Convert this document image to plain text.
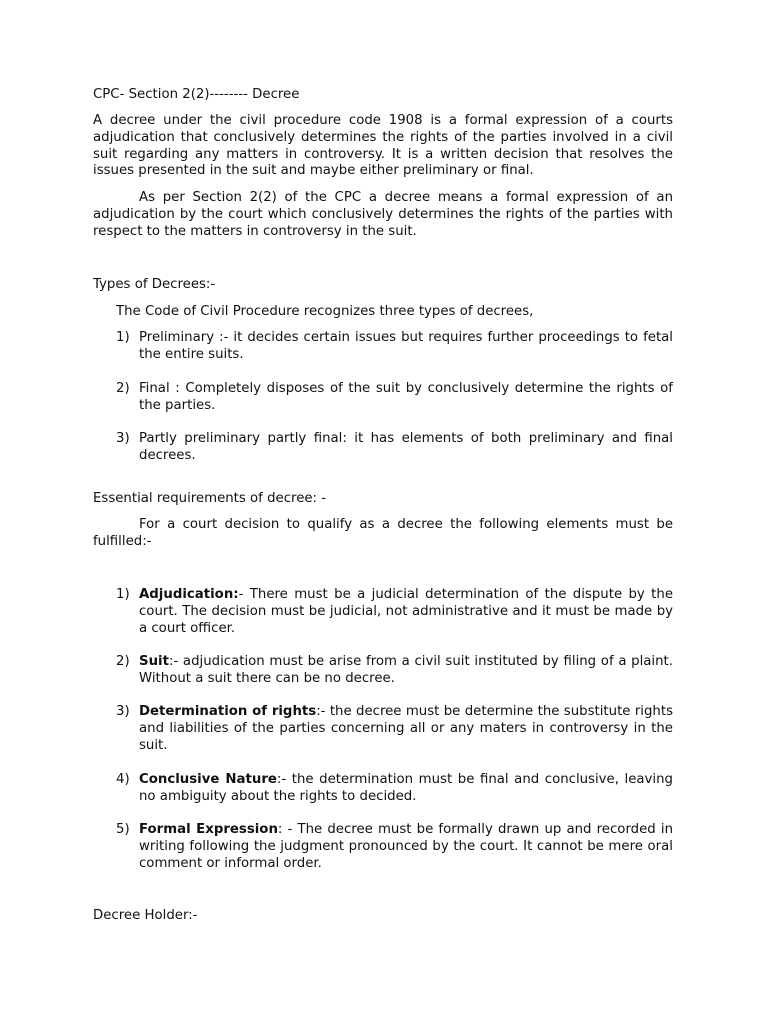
CPC- Section 2(2)-------- Decree

A decree under the civil procedure code 1908 is a formal expression of a courts adjudication that conclusively determines the rights of the parties involved in a civil suit regarding any matters in controversy. It is a written decision that resolves the issues presented in the suit and maybe either preliminary or final.

As per Section 2(2) of the CPC a decree means a formal expression of an adjudication by the court which conclusively determines the rights of the parties with respect to the matters in controversy in the suit.

Types of Decrees:-

The Code of Civil Procedure recognizes three types of decrees,

1) Preliminary :- it decides certain issues but requires further proceedings to fetal the entire suits.
2) Final : Completely disposes of the suit by conclusively determine the rights of the parties.
3) Partly preliminary partly final: it has elements of both preliminary and final decrees.

Essential requirements of decree: -

For a court decision to qualify as a decree the following elements must be fulfilled:-

1) Adjudication:- There must be a judicial determination of the dispute by the court. The decision must be judicial, not administrative and it must be made by a court officer.
2) Suit:- adjudication must be arise from a civil suit instituted by filing of a plaint. Without a suit there can be no decree.
3) Determination of rights:- the decree must be determine the substitute rights and liabilities of the parties concerning all or any maters in controversy in the suit.
4) Conclusive Nature:- the determination must be final and conclusive, leaving no ambiguity about the rights to decided.
5) Formal Expression: - The decree must be formally drawn up and recorded in writing following the judgment pronounced by the court. It cannot be mere oral comment or informal order.

Decree Holder:-
